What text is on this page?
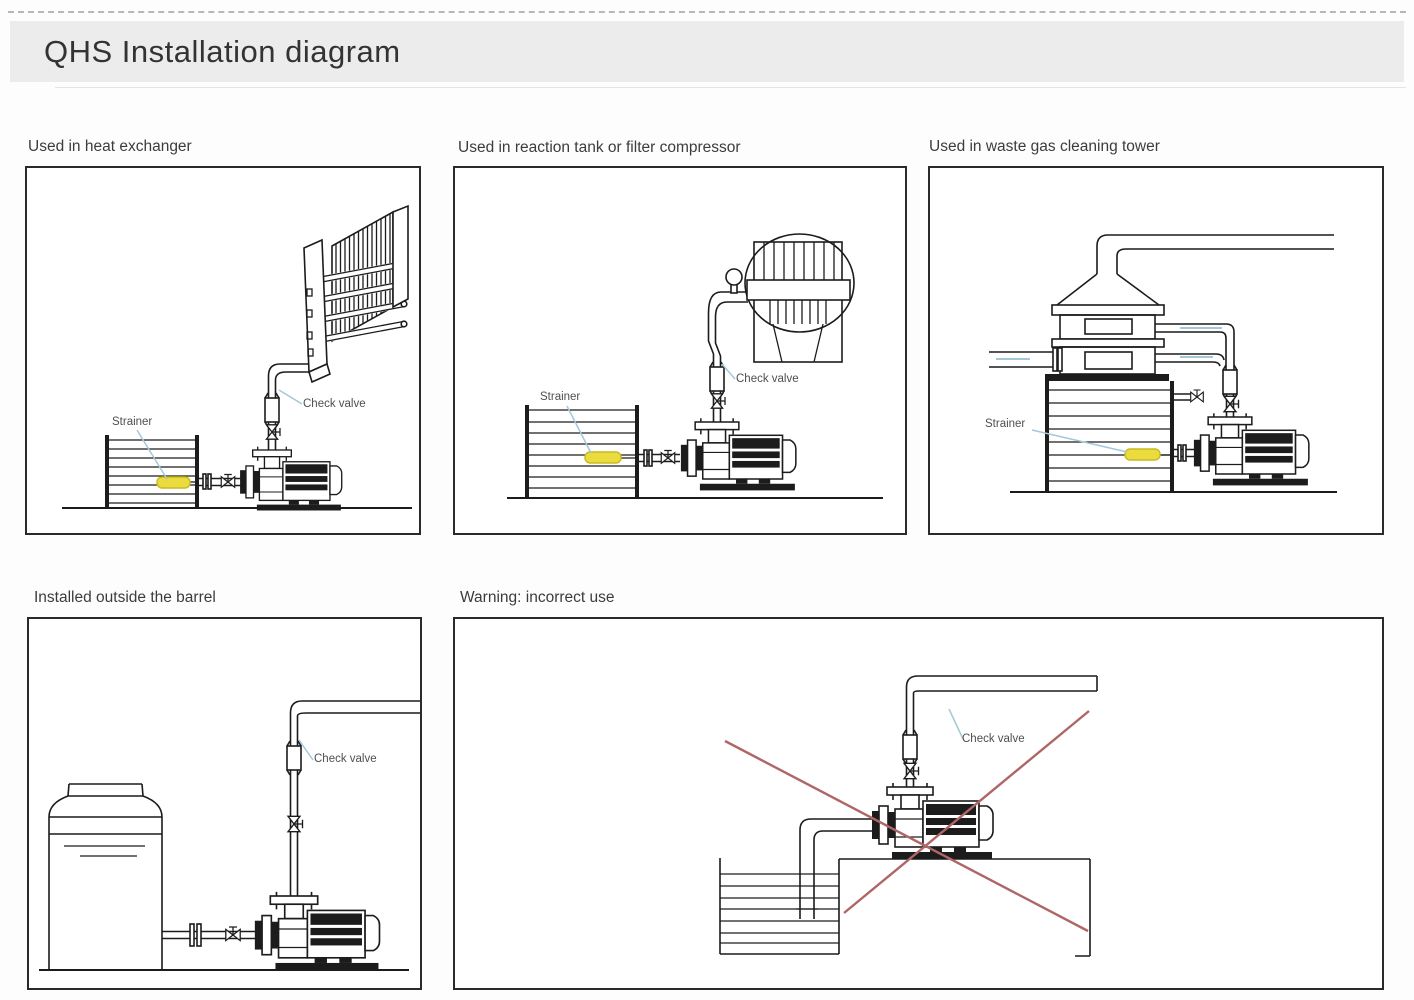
QHS Installation diagram
Used in heat exchanger	Used in reaction tank or filter compressor	Used in waste gas cleaning tower
Installed outside the barrel	Warning: incorrect use
Strainer
Check valve
Strainer
Check valve
Strainer
Check valve
Check valve
